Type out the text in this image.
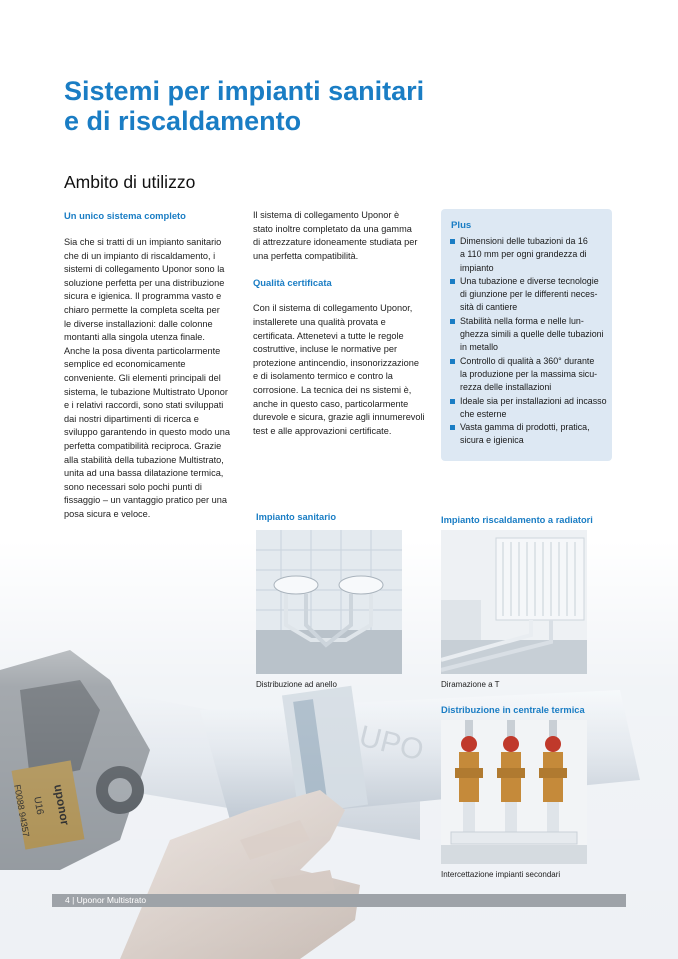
Sistemi per impianti sanitari
e di riscaldamento
Ambito di utilizzo
Un unico sistema completo
Sia che si tratti di un impianto sanitario
che di un impianto di riscaldamento, i
sistemi di collegamento Uponor sono la
soluzione perfetta per una distribuzione
sicura e igienica. Il programma vasto e
chiaro permette la completa scelta per
le diverse installazioni: dalle colonne
montanti alla singola utenza finale.
Anche la posa diventa particolarmente
semplice ed economicamente
conveniente. Gli elementi principali del
sistema, le tubazione Multistrato Uponor
e i relativi raccordi, sono stati sviluppati
dai nostri dipartimenti di ricerca e
sviluppo garantendo in questo modo una
perfetta compatibilità reciproca. Grazie
alla stabilità della tubazione Multistrato,
unita ad una bassa dilatazione termica,
sono necessari solo pochi punti di
fissaggio – un vantaggio pratico per una
posa sicura e veloce.
Il sistema di collegamento Uponor è
stato inoltre completato da una gamma
di attrezzature idoneamente studiata per
una perfetta compatibilità.
Qualità certificata
Con il sistema di collegamento Uponor,
installerete una qualità provata e
certificata. Attenetevi a tutte le regole
costruttive, incluse le normative per
protezione antincendio, insonorizzazione
e di isolamento termico e contro la
corrosione. La tecnica dei ns sistemi è,
anche in questo caso, particolarmente
durevole e sicura, grazie agli innumerevoli
test e alle approvazioni certificate.
Plus
Dimensioni delle tubazioni da 16
a 110 mm per ogni grandezza di
impianto
Una tubazione e diverse tecnologie
di giunzione per le differenti neces-
sità di cantiere
Stabilità nella forma e nelle lun-
ghezza simili a quelle delle tubazioni
in metallo
Controllo di qualità a 360° durante
la produzione per la massima sicu-
rezza delle installazioni
Ideale sia per installazioni ad incasso
che esterne
Vasta gamma di prodotti, pratica,
sicura e igienica
Impianto sanitario
Distribuzione ad anello
Impianto riscaldamento a radiatori
Diramazione a T
Distribuzione in centrale termica
Intercettazione impianti secondari
4 | Uponor Multistrato
